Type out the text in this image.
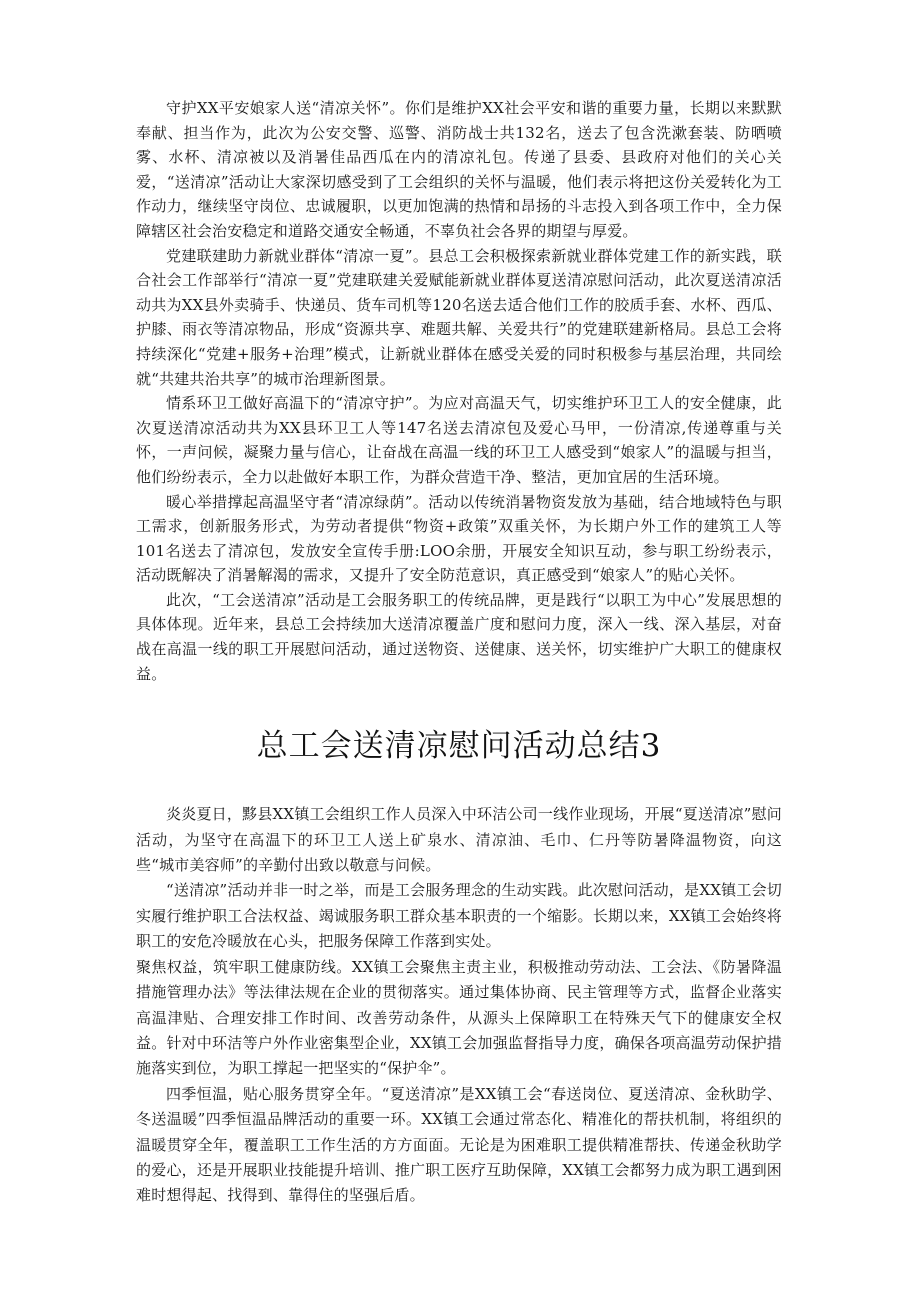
守护XX平安娘家人送“清凉关怀”。你们是维护XX社会平安和谐的重要力量，长期以来默默奉献、担当作为，此次为公安交警、巡警、消防战士共132名，送去了包含洗漱套装、防晒喷雾、水杯、清凉被以及消暑佳品西瓜在内的清凉礼包。传递了县委、县政府对他们的关心关爱，“送清凉”活动让大家深切感受到了工会组织的关怀与温暖，他们表示将把这份关爱转化为工作动力，继续坚守岗位、忠诚履职，以更加饱满的热情和昂扬的斗志投入到各项工作中，全力保障辖区社会治安稳定和道路交通安全畅通，不辜负社会各界的期望与厚爱。

党建联建助力新就业群体“清凉一夏”。县总工会积极探索新就业群体党建工作的新实践，联合社会工作部举行“清凉一夏”党建联建关爱赋能新就业群体夏送清凉慰问活动，此次夏送清凉活动共为XX县外卖骑手、快递员、货车司机等120名送去适合他们工作的胶质手套、水杯、西瓜、护膝、雨衣等清凉物品，形成“资源共享、难题共解、关爱共行”的党建联建新格局。县总工会将持续深化“党建+服务+治理”模式，让新就业群体在感受关爱的同时积极参与基层治理，共同绘就“共建共治共享”的城市治理新图景。

情系环卫工做好高温下的“清凉守护”。为应对高温天气，切实维护环卫工人的安全健康，此次夏送清凉活动共为XX县环卫工人等147名送去清凉包及爱心马甲，一份清凉,传递尊重与关怀，一声问候，凝聚力量与信心，让奋战在高温一线的环卫工人感受到“娘家人”的温暖与担当，他们纷纷表示，全力以赴做好本职工作，为群众营造干净、整洁，更加宜居的生活环境。

暖心举措撑起高温坚守者“清凉绿荫”。活动以传统消暑物资发放为基础，结合地域特色与职工需求，创新服务形式，为劳动者提供“物资+政策”双重关怀，为长期户外工作的建筑工人等101名送去了清凉包，发放安全宣传手册:LOO余册，开展安全知识互动，参与职工纷纷表示，活动既解决了消暑解渴的需求，又提升了安全防范意识，真正感受到“娘家人”的贴心关怀。

此次，“工会送清凉”活动是工会服务职工的传统品牌，更是践行“以职工为中心”发展思想的具体体现。近年来，县总工会持续加大送清凉覆盖广度和慰问力度，深入一线、深入基层，对奋战在高温一线的职工开展慰问活动，通过送物资、送健康、送关怀，切实维护广大职工的健康权益。

总工会送清凉慰问活动总结3

炎炎夏日，黟县XX镇工会组织工作人员深入中环洁公司一线作业现场，开展“夏送清凉”慰问活动，为坚守在高温下的环卫工人送上矿泉水、清凉油、毛巾、仁丹等防暑降温物资，向这些“城市美容师”的辛勤付出致以敬意与问候。

“送清凉”活动并非一时之举，而是工会服务理念的生动实践。此次慰问活动，是XX镇工会切实履行维护职工合法权益、竭诚服务职工群众基本职责的一个缩影。长期以来，XX镇工会始终将职工的安危冷暖放在心头，把服务保障工作落到实处。

聚焦权益，筑牢职工健康防线。XX镇工会聚焦主责主业，积极推动劳动法、工会法、《防暑降温措施管理办法》等法律法规在企业的贯彻落实。通过集体协商、民主管理等方式，监督企业落实高温津贴、合理安排工作时间、改善劳动条件，从源头上保障职工在特殊天气下的健康安全权益。针对中环洁等户外作业密集型企业，XX镇工会加强监督指导力度，确保各项高温劳动保护措施落实到位，为职工撑起一把坚实的“保护伞”。

四季恒温，贴心服务贯穿全年。“夏送清凉”是XX镇工会“春送岗位、夏送清凉、金秋助学、冬送温暖”四季恒温品牌活动的重要一环。XX镇工会通过常态化、精准化的帮扶机制，将组织的温暖贯穿全年，覆盖职工工作生活的方方面面。无论是为困难职工提供精准帮扶、传递金秋助学的爱心，还是开展职业技能提升培训、推广职工医疗互助保障，XX镇工会都努力成为职工遇到困难时想得起、找得到、靠得住的坚强后盾。
